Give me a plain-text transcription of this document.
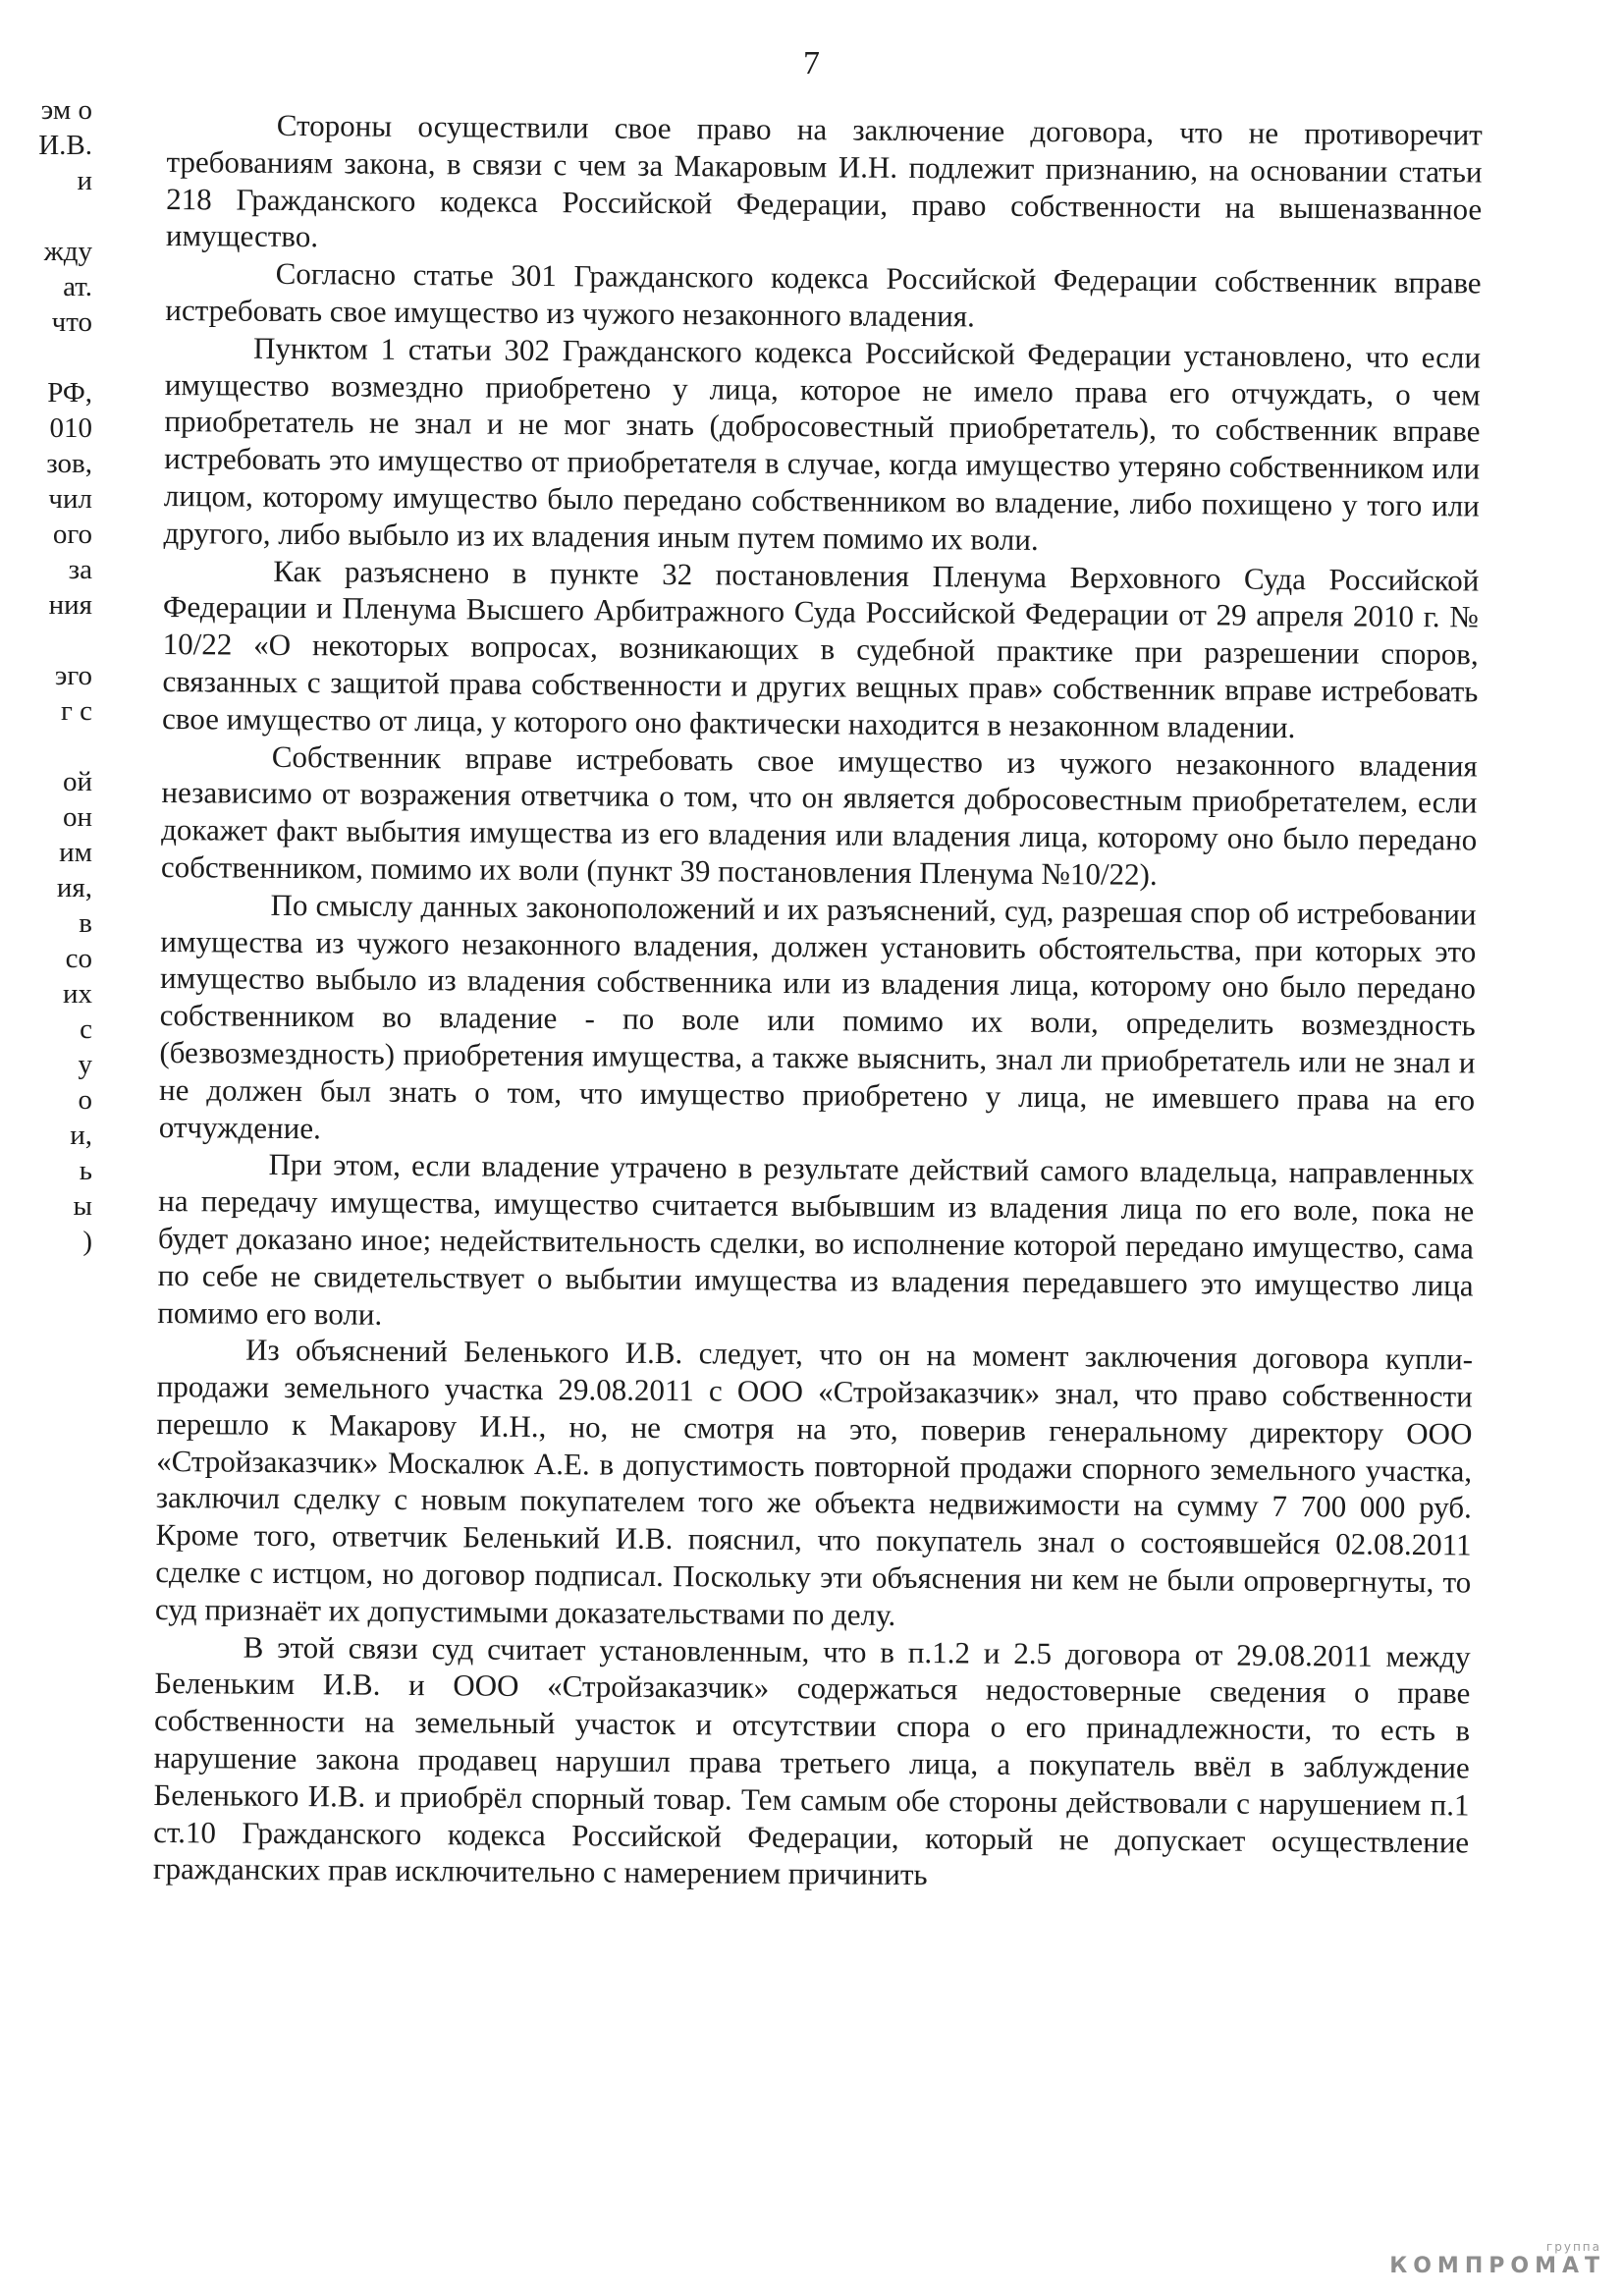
7
эм о
И.В.
и
жду
ат.
что
РФ,
010
зов,
чил
ого
за
ния
эго
г с
ой
он
им
ия,
в
со
их
с
у
о
и,
ь
ы
)

Стороны осуществили свое право на заключение договора, что не противоречит требованиям закона, в связи с чем за Макаровым И.Н. подлежит признанию, на основании статьи 218 Гражданского кодекса Российской Федерации, право собственности на вышеназванное имущество.

Согласно статье 301 Гражданского кодекса Российской Федерации собственник вправе истребовать свое имущество из чужого незаконного владения.

Пунктом 1 статьи 302 Гражданского кодекса Российской Федерации установлено, что если имущество возмездно приобретено у лица, которое не имело права его отчуждать, о чем приобретатель не знал и не мог знать (добросовестный приобретатель), то собственник вправе истребовать это имущество от приобретателя в случае, когда имущество утеряно собственником или лицом, которому имущество было передано собственником во владение, либо похищено у того или другого, либо выбыло из их владения иным путем помимо их воли.

Как разъяснено в пункте 32 постановления Пленума Верховного Суда Российской Федерации и Пленума Высшего Арбитражного Суда Российской Федерации от 29 апреля 2010 г. № 10/22 «О некоторых вопросах, возникающих в судебной практике при разрешении споров, связанных с защитой права собственности и других вещных прав» собственник вправе истребовать свое имущество от лица, у которого оно фактически находится в незаконном владении.

Собственник вправе истребовать свое имущество из чужого незаконного владения независимо от возражения ответчика о том, что он является добросовестным приобретателем, если докажет факт выбытия имущества из его владения или владения лица, которому оно было передано собственником, помимо их воли (пункт 39 постановления Пленума №10/22).

По смыслу данных законоположений и их разъяснений, суд, разрешая спор об истребовании имущества из чужого незаконного владения, должен установить обстоятельства, при которых это имущество выбыло из владения собственника или из владения лица, которому оно было передано собственником во владение - по воле или помимо их воли, определить возмездность (безвозмездность) приобретения имущества, а также выяснить, знал ли приобретатель или не знал и не должен был знать о том, что имущество приобретено у лица, не имевшего права на его отчуждение.

При этом, если владение утрачено в результате действий самого владельца, направленных на передачу имущества, имущество считается выбывшим из владения лица по его воле, пока не будет доказано иное; недействительность сделки, во исполнение которой передано имущество, сама по себе не свидетельствует о выбытии имущества из владения передавшего это имущество лица помимо его воли.

Из объяснений Беленького И.В. следует, что он на момент заключения договора купли-продажи земельного участка 29.08.2011 с ООО «Стройзаказчик» знал, что право собственности перешло к Макарову И.Н., но, не смотря на это, поверив генеральному директору ООО «Стройзаказчик» Москалюк А.Е. в допустимость повторной продажи спорного земельного участка, заключил сделку с новым покупателем того же объекта недвижимости на сумму 7 700 000 руб. Кроме того, ответчик Беленький И.В. пояснил, что покупатель знал о состоявшейся 02.08.2011 сделке с истцом, но договор подписал. Поскольку эти объяснения ни кем не были опровергнуты, то суд признаёт их допустимыми доказательствами по делу.

В этой связи суд считает установленным, что в п.1.2 и 2.5 договора от 29.08.2011 между Беленьким И.В. и ООО «Стройзаказчик» содержаться недостоверные сведения о праве собственности на земельный участок и отсутствии спора о его принадлежности, то есть в нарушение закона продавец нарушил права третьего лица, а покупатель ввёл в заблуждение Беленького И.В. и приобрёл спорный товар. Тем самым обе стороны действовали с нарушением п.1 ст.10 Гражданского кодекса Российской Федерации, который не допускает осуществление гражданских прав исключительно с намерением причинить

группа
КОМПРОМАТ
